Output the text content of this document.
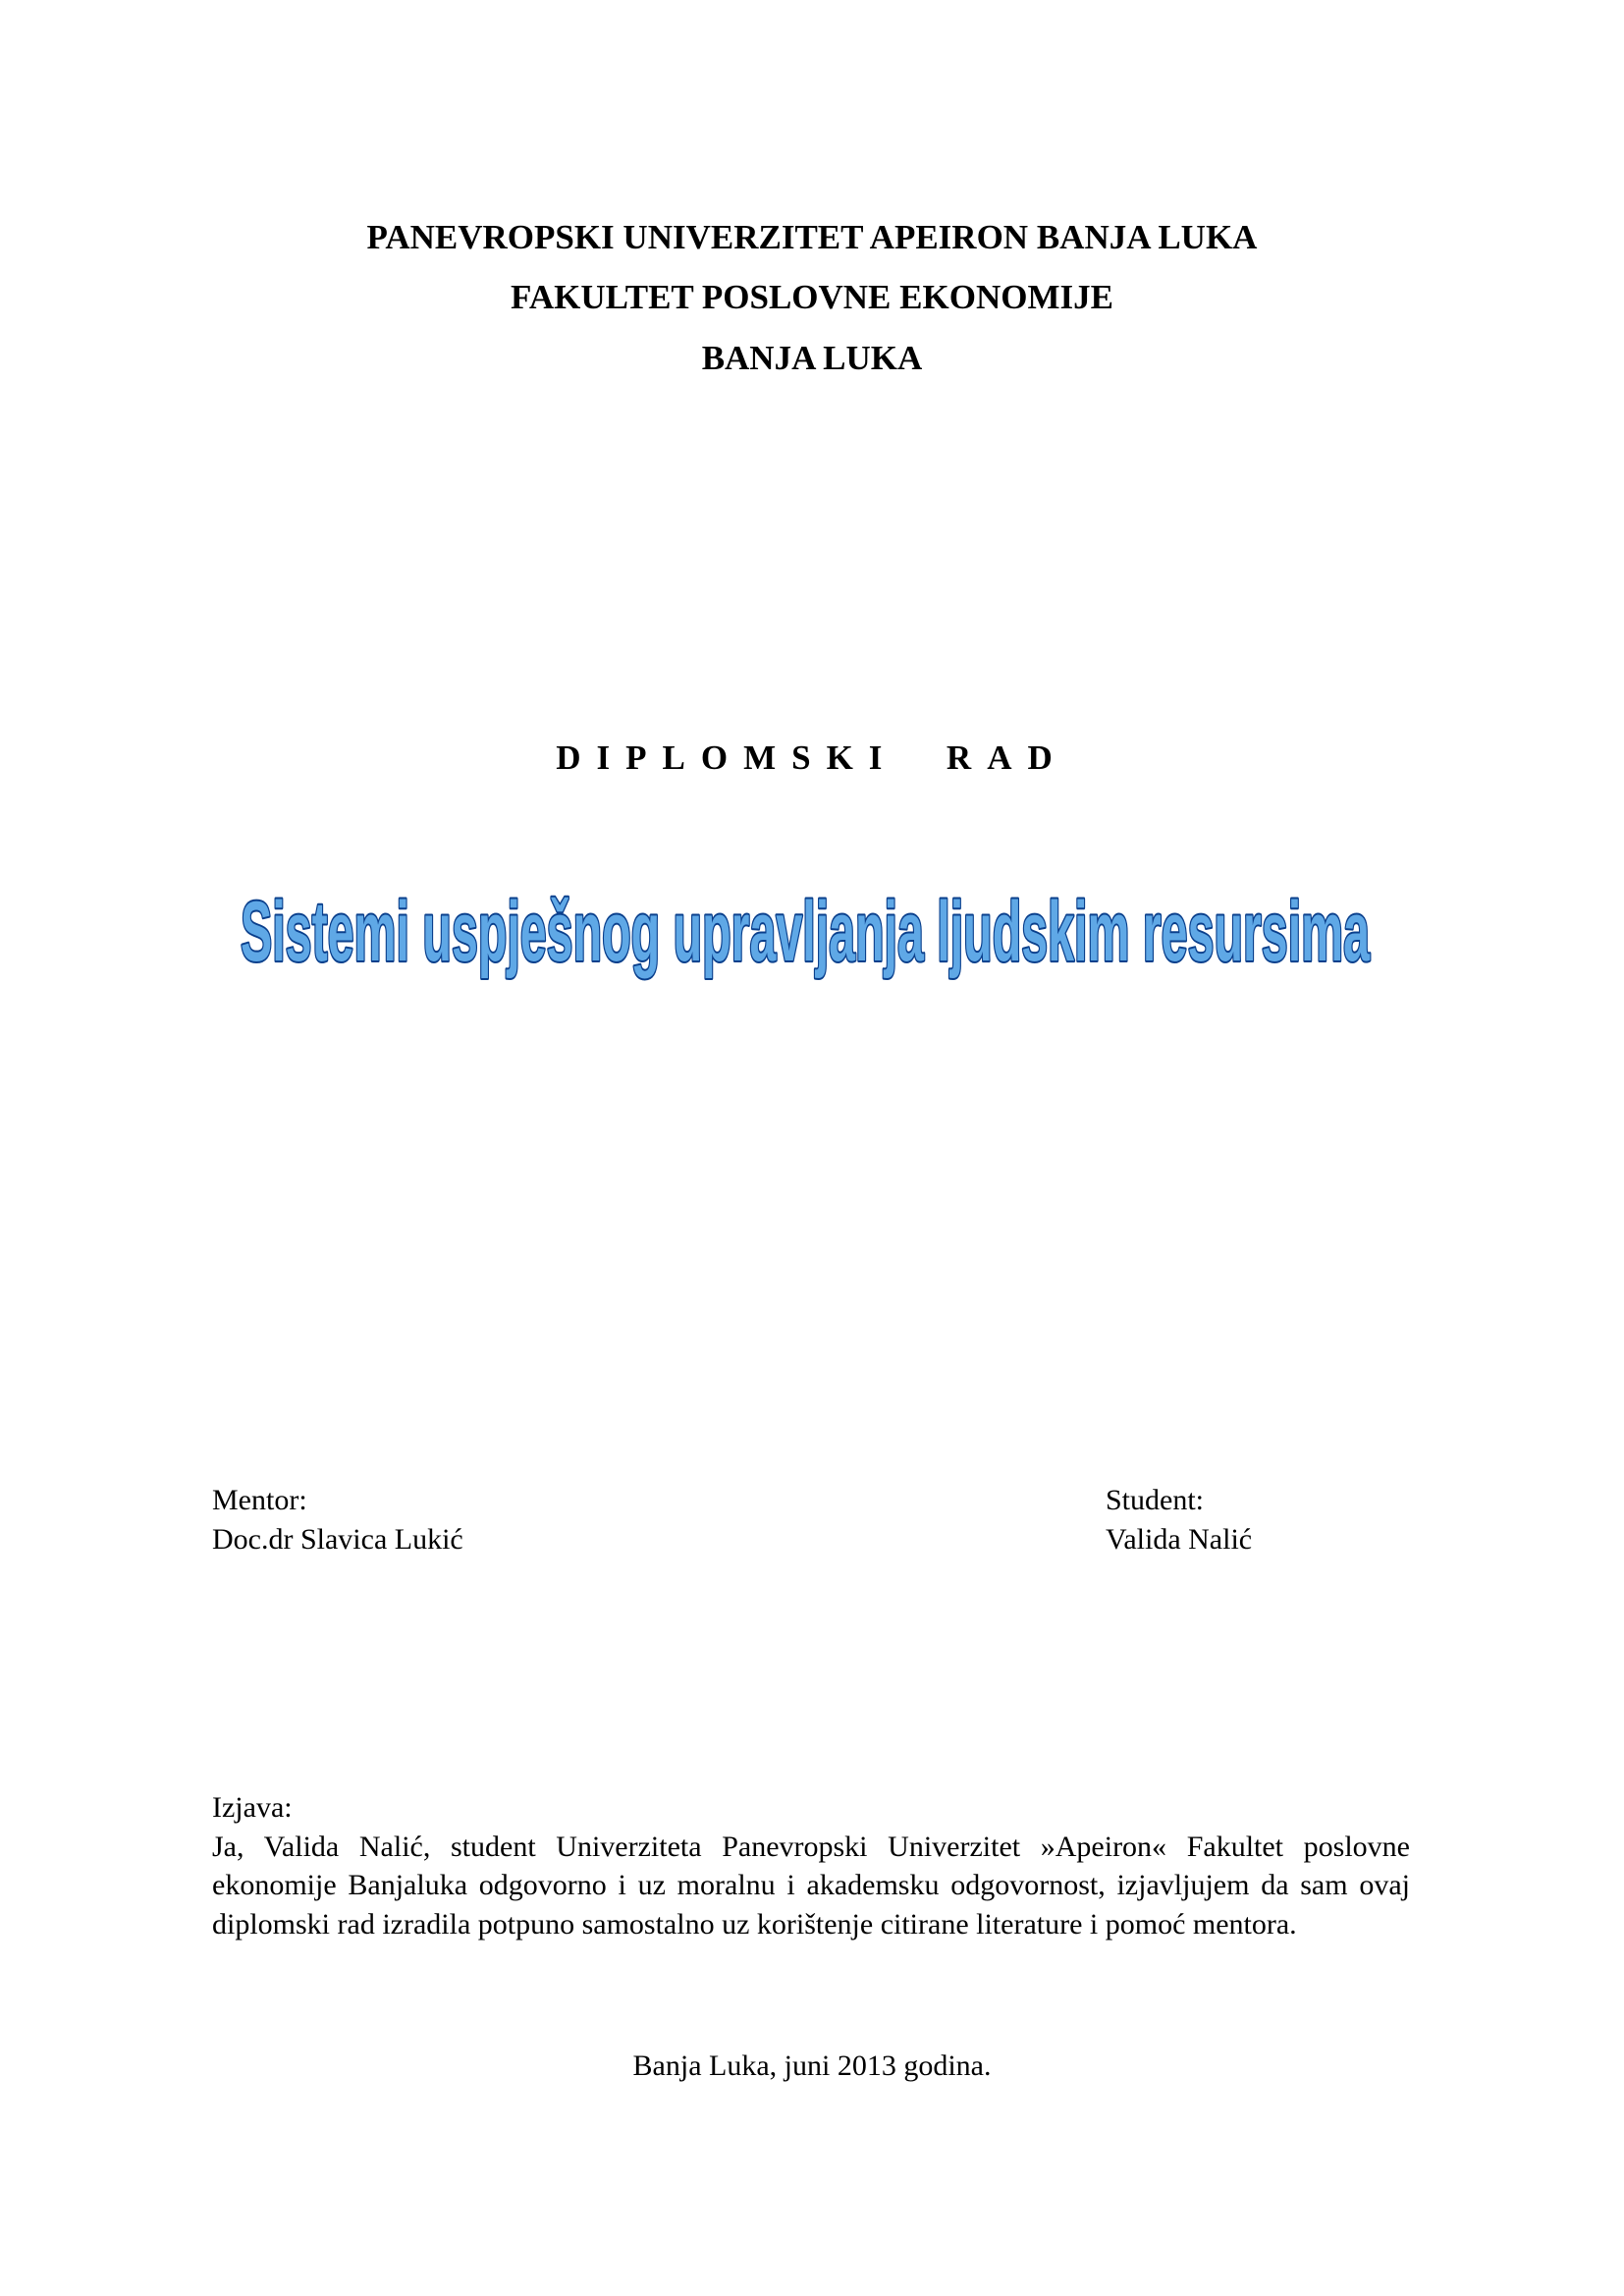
PANEVROPSKI UNIVERZITET APEIRON BANJA LUKA
FAKULTET POSLOVNE EKONOMIJE
BANJA LUKA
DIPLOMSKI  RAD
Sistemi uspješnog upravljanja ljudskim resursima
Mentor:
Doc.dr Slavica Lukić
Student:
Valida Nalić
Izjava:
Ja, Valida Nalić, student Univerziteta Panevropski Univerzitet »Apeiron« Fakultet poslovne ekonomije Banjaluka odgovorno i uz moralnu i akademsku odgovornost, izjavljujem da sam ovaj diplomski rad izradila potpuno samostalno uz korištenje citirane literature i pomoć mentora.
Banja Luka, juni 2013 godina.
